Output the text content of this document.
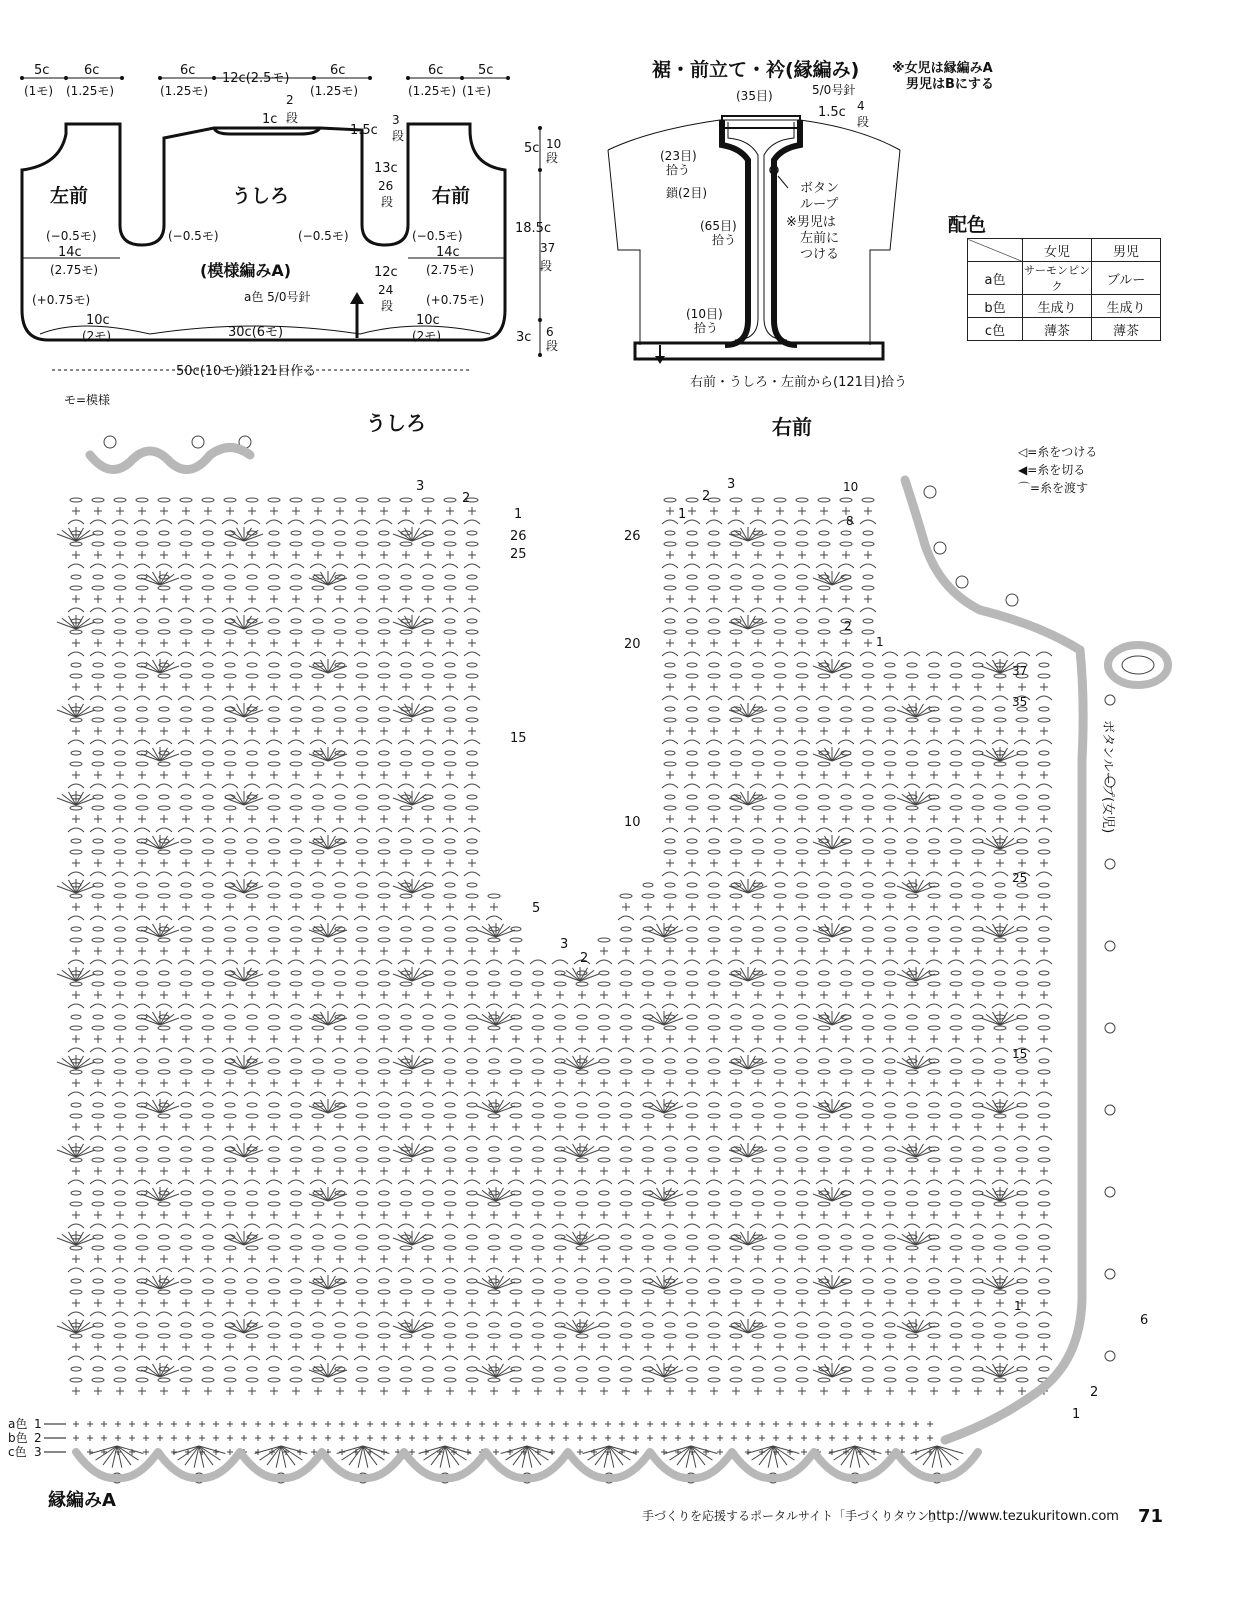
5c
(1モ)
6c
(1.25モ)
6c
(1.25モ)
12c(2.5モ)
6c
(1.25モ)
6c
(1.25モ)
5c
(1モ)
1c
2
段
1.5c
3
段
13c
26
段
左前	うしろ	右前
(−0.5モ)	(−0.5モ)	(−0.5モ)	(−0.5モ)
14c
(2.75モ)
14c
(2.75モ)
(模様編みA)
a色 5/0号針
12c
24
段
(+0.75モ)	(+0.75モ)
10c
(2モ)	30c(6モ)
10c
(2モ)
50c(10モ)鎖121目作る
5c 10
段
18.5c
37
段
3c 6
段
モ=模様
裾・前立て・衿(縁編み)	※女児は縁編みA
男児はBにする
5/0号針
(35目)
1.5c 4
段
(23目)
拾う
鎖(2目)
(65目)
拾う
(10目)
拾う
ボタン
ループ
※男児は
左前に
つける
右前・うしろ・左前から(121目)拾う
うしろ	右前
◁=糸をつける
◀=糸を切る
⌒=糸を渡す
3
2
1
26
25
15
5
3
2
3
2
1
26
20
10
10
8
2
1
37
35
25
15
1
6
2
1
ボタンループ(女児)
a色 1
b色 2
c色 3
縁編みA
手づくりを応援するポータルサイト「手づくりタウン」
http://www.tezukuritown.com 71
配色
	女児	男児
a色	サーモンピンク	ブルー
b色	生成り	生成り
c色	薄茶	薄茶
